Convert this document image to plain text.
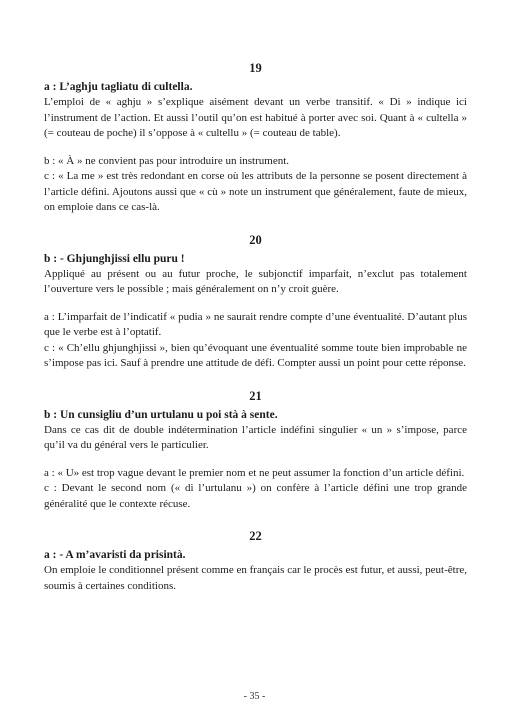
19
a : L’aghju tagliatu di cultella.

L’emploi de « aghju » s’explique aisément devant un verbe transitif. « Di » indique ici l’instrument de l’action. Et aussi l’outil qu’on est habitué à porter avec soi. Quant à « cultella » (= couteau de poche) il s’oppose à « cultellu » (= couteau de table).

b : « À » ne convient pas pour introduire un instrument.

c : « La me » est très redondant en corse où les attributs de la personne se posent directement à l’article défini. Ajoutons aussi que « cù » note un instrument que généralement, faute de mieux, on emploie dans ce cas-là.

20
b : - Ghjunghjissi ellu puru !

Appliqué au présent ou au futur proche, le subjonctif imparfait, n’exclut pas totalement l’ouverture vers le possible ; mais généralement on n’y croit guère.

a : L’imparfait de l’indicatif « pudia » ne saurait rendre compte d’une éventualité. D’autant plus que le verbe est à l’optatif.

c : « Ch’ellu ghjunghjissi », bien qu’évoquant une éventualité somme toute bien improbable ne s’impose pas ici. Sauf à prendre une attitude de défi. Compter aussi un point pour cette réponse.

21
b : Un cunsigliu d’un urtulanu u poi stà à sente.

Dans ce cas dit de double indétermination l’article indéfini singulier « un » s’impose, parce qu’il va du général vers le particulier.

a : « U» est trop vague devant le premier nom et ne peut assumer la fonction d’un article défini.

c : Devant le second nom (« di l’urtulanu ») on confère à l’article défini une trop grande généralité que le contexte récuse.

22
a : - A m’avaristi da prisintà.

On emploie le conditionnel présent comme en français car le procès est futur, et aussi, peut-être, soumis à certaines conditions.

- 35 -
